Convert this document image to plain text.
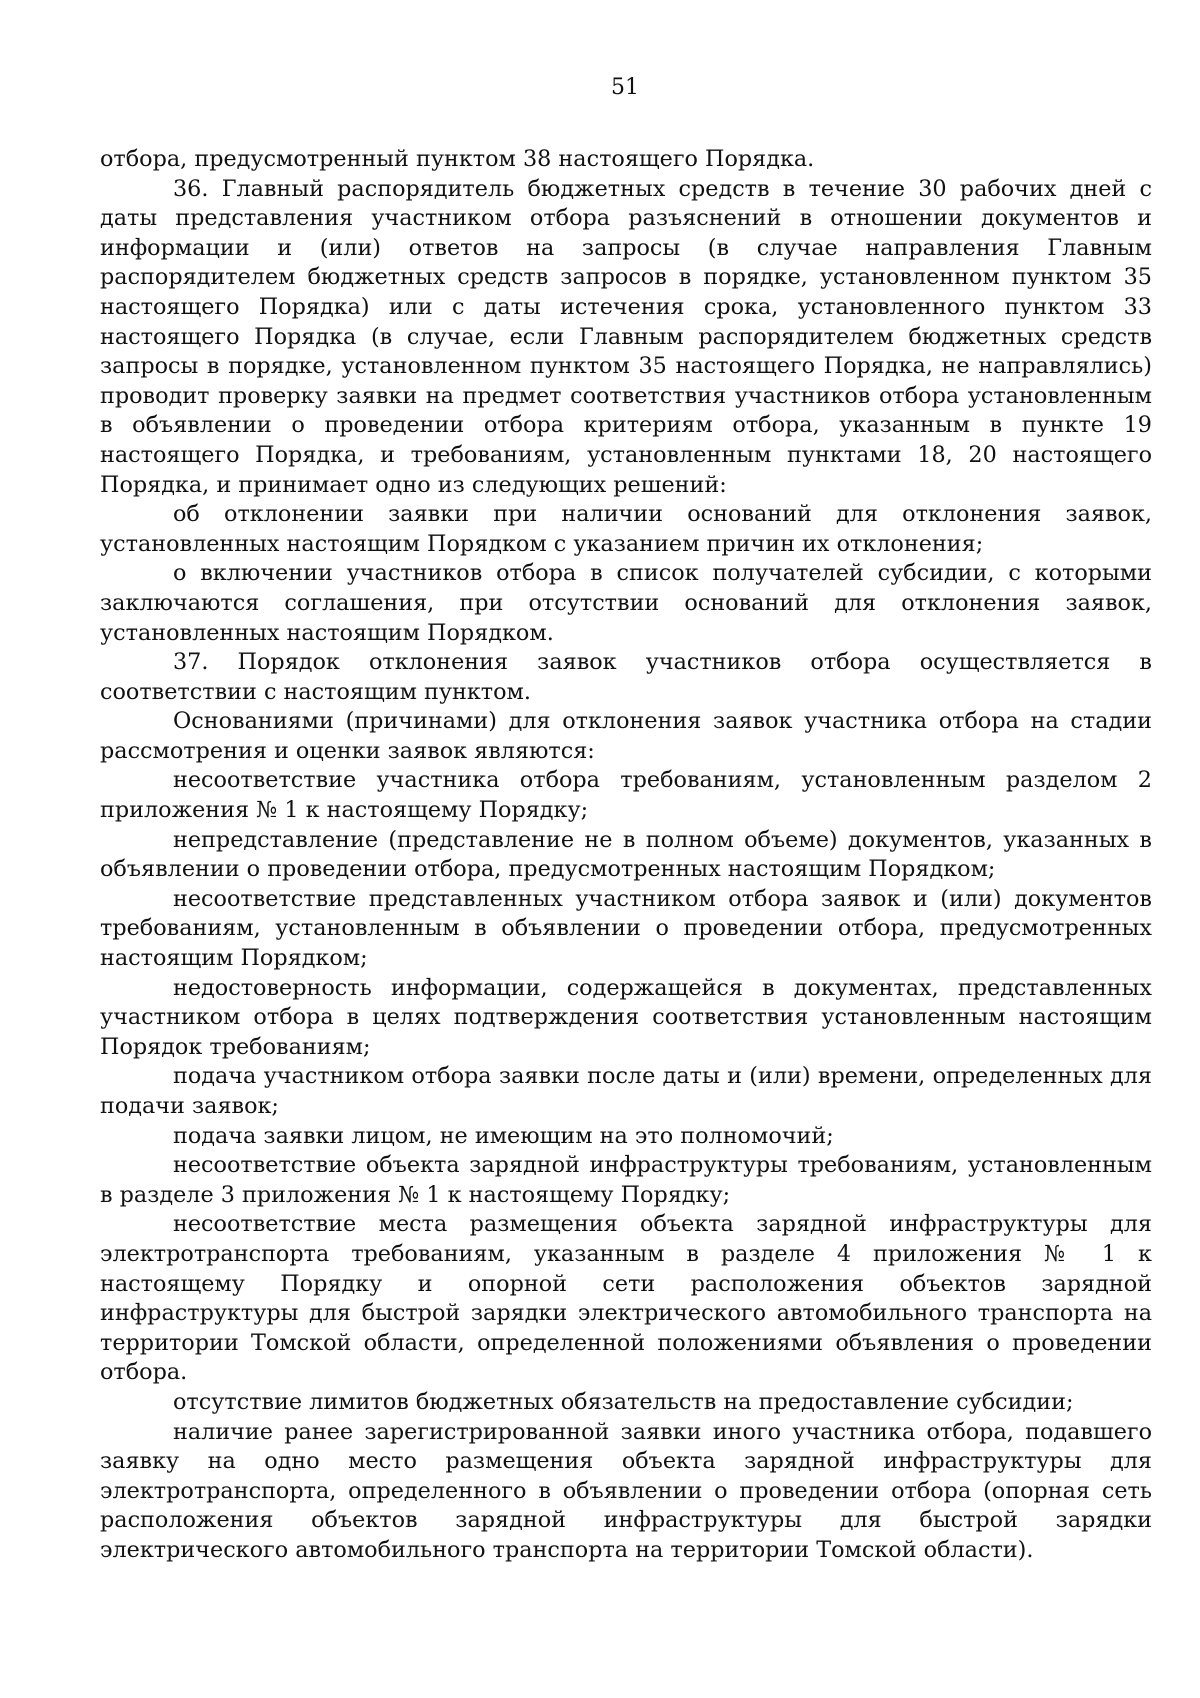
51

отбора, предусмотренный пунктом 38 настоящего Порядка.

36. Главный распорядитель бюджетных средств в течение 30 рабочих дней с даты представления участником отбора разъяснений в отношении документов и информации и (или) ответов на запросы (в случае направления Главным распорядителем бюджетных средств запросов в порядке, установленном пунктом 35 настоящего Порядка) или с даты истечения срока, установленного пунктом 33 настоящего Порядка (в случае, если Главным распорядителем бюджетных средств запросы в порядке, установленном пунктом 35 настоящего Порядка, не направлялись) проводит проверку заявки на предмет соответствия участников отбора установленным в объявлении о проведении отбора критериям отбора, указанным в пункте 19 настоящего Порядка, и требованиям, установленным пунктами 18, 20 настоящего Порядка, и принимает одно из следующих решений:

об отклонении заявки при наличии оснований для отклонения заявок, установленных настоящим Порядком с указанием причин их отклонения;

о включении участников отбора в список получателей субсидии, с которыми заключаются соглашения, при отсутствии оснований для отклонения заявок, установленных настоящим Порядком.

37. Порядок отклонения заявок участников отбора осуществляется в соответствии с настоящим пунктом.

Основаниями (причинами) для отклонения заявок участника отбора на стадии рассмотрения и оценки заявок являются:

несоответствие участника отбора требованиям, установленным разделом 2 приложения № 1 к настоящему Порядку;

непредставление (представление не в полном объеме) документов, указанных в объявлении о проведении отбора, предусмотренных настоящим Порядком;

несоответствие представленных участником отбора заявок и (или) документов требованиям, установленным в объявлении о проведении отбора, предусмотренных настоящим Порядком;

недостоверность информации, содержащейся в документах, представленных участником отбора в целях подтверждения соответствия установленным настоящим Порядок требованиям;

подача участником отбора заявки после даты и (или) времени, определенных для подачи заявок;

подача заявки лицом, не имеющим на это полномочий;

несоответствие объекта зарядной инфраструктуры требованиям, установленным в разделе 3 приложения № 1 к настоящему Порядку;

несоответствие места размещения объекта зарядной инфраструктуры для электротранспорта требованиям, указанным в разделе 4 приложения № 1 к настоящему Порядку и опорной сети расположения объектов зарядной инфраструктуры для быстрой зарядки электрического автомобильного транспорта на территории Томской области, определенной положениями объявления о проведении отбора.

отсутствие лимитов бюджетных обязательств на предоставление субсидии;

наличие ранее зарегистрированной заявки иного участника отбора, подавшего заявку на одно место размещения объекта зарядной инфраструктуры для электротранспорта, определенного в объявлении о проведении отбора (опорная сеть расположения объектов зарядной инфраструктуры для быстрой зарядки электрического автомобильного транспорта на территории Томской области).
